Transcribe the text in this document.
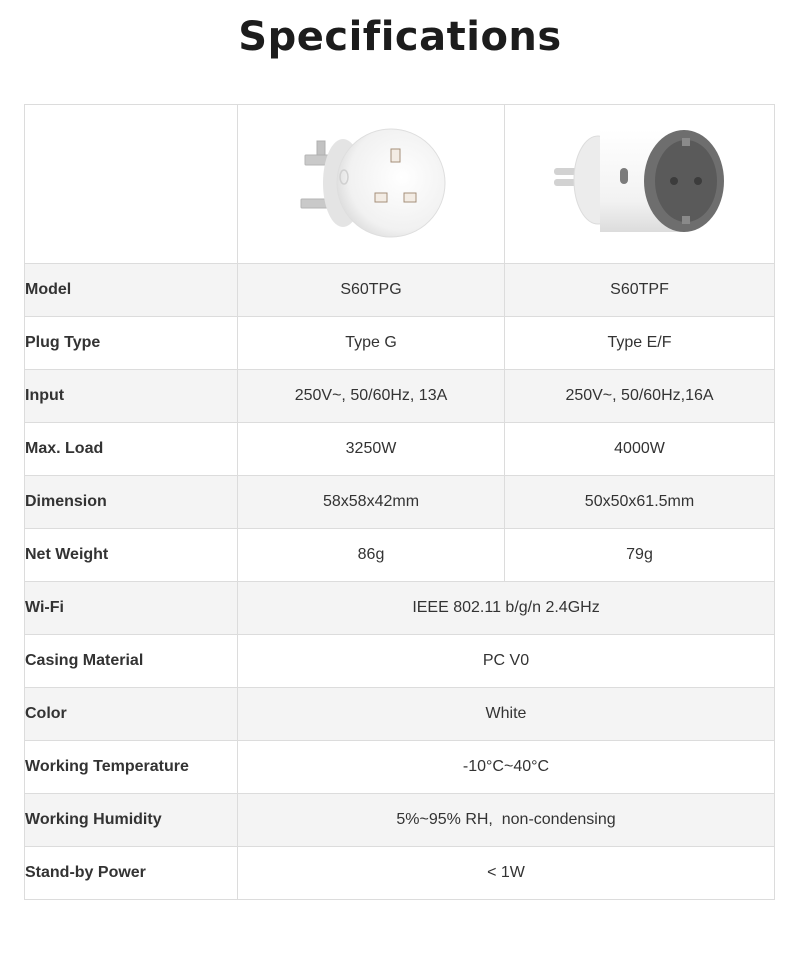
Specifications

Model	S60TPG	S60TPF
Plug Type	Type G	Type E/F
Input	250V~, 50/60Hz, 13A	250V~, 50/60Hz,16A
Max. Load	3250W	4000W
Dimension	58x58x42mm	50x50x61.5mm
Net Weight	86g	79g
Wi-Fi	IEEE 802.11 b/g/n 2.4GHz	
Casing Material	PC V0	
Color	White	
Working Temperature	-10°C~40°C	
Working Humidity	5%~95% RH,  non-condensing	
Stand-by Power	< 1W	
